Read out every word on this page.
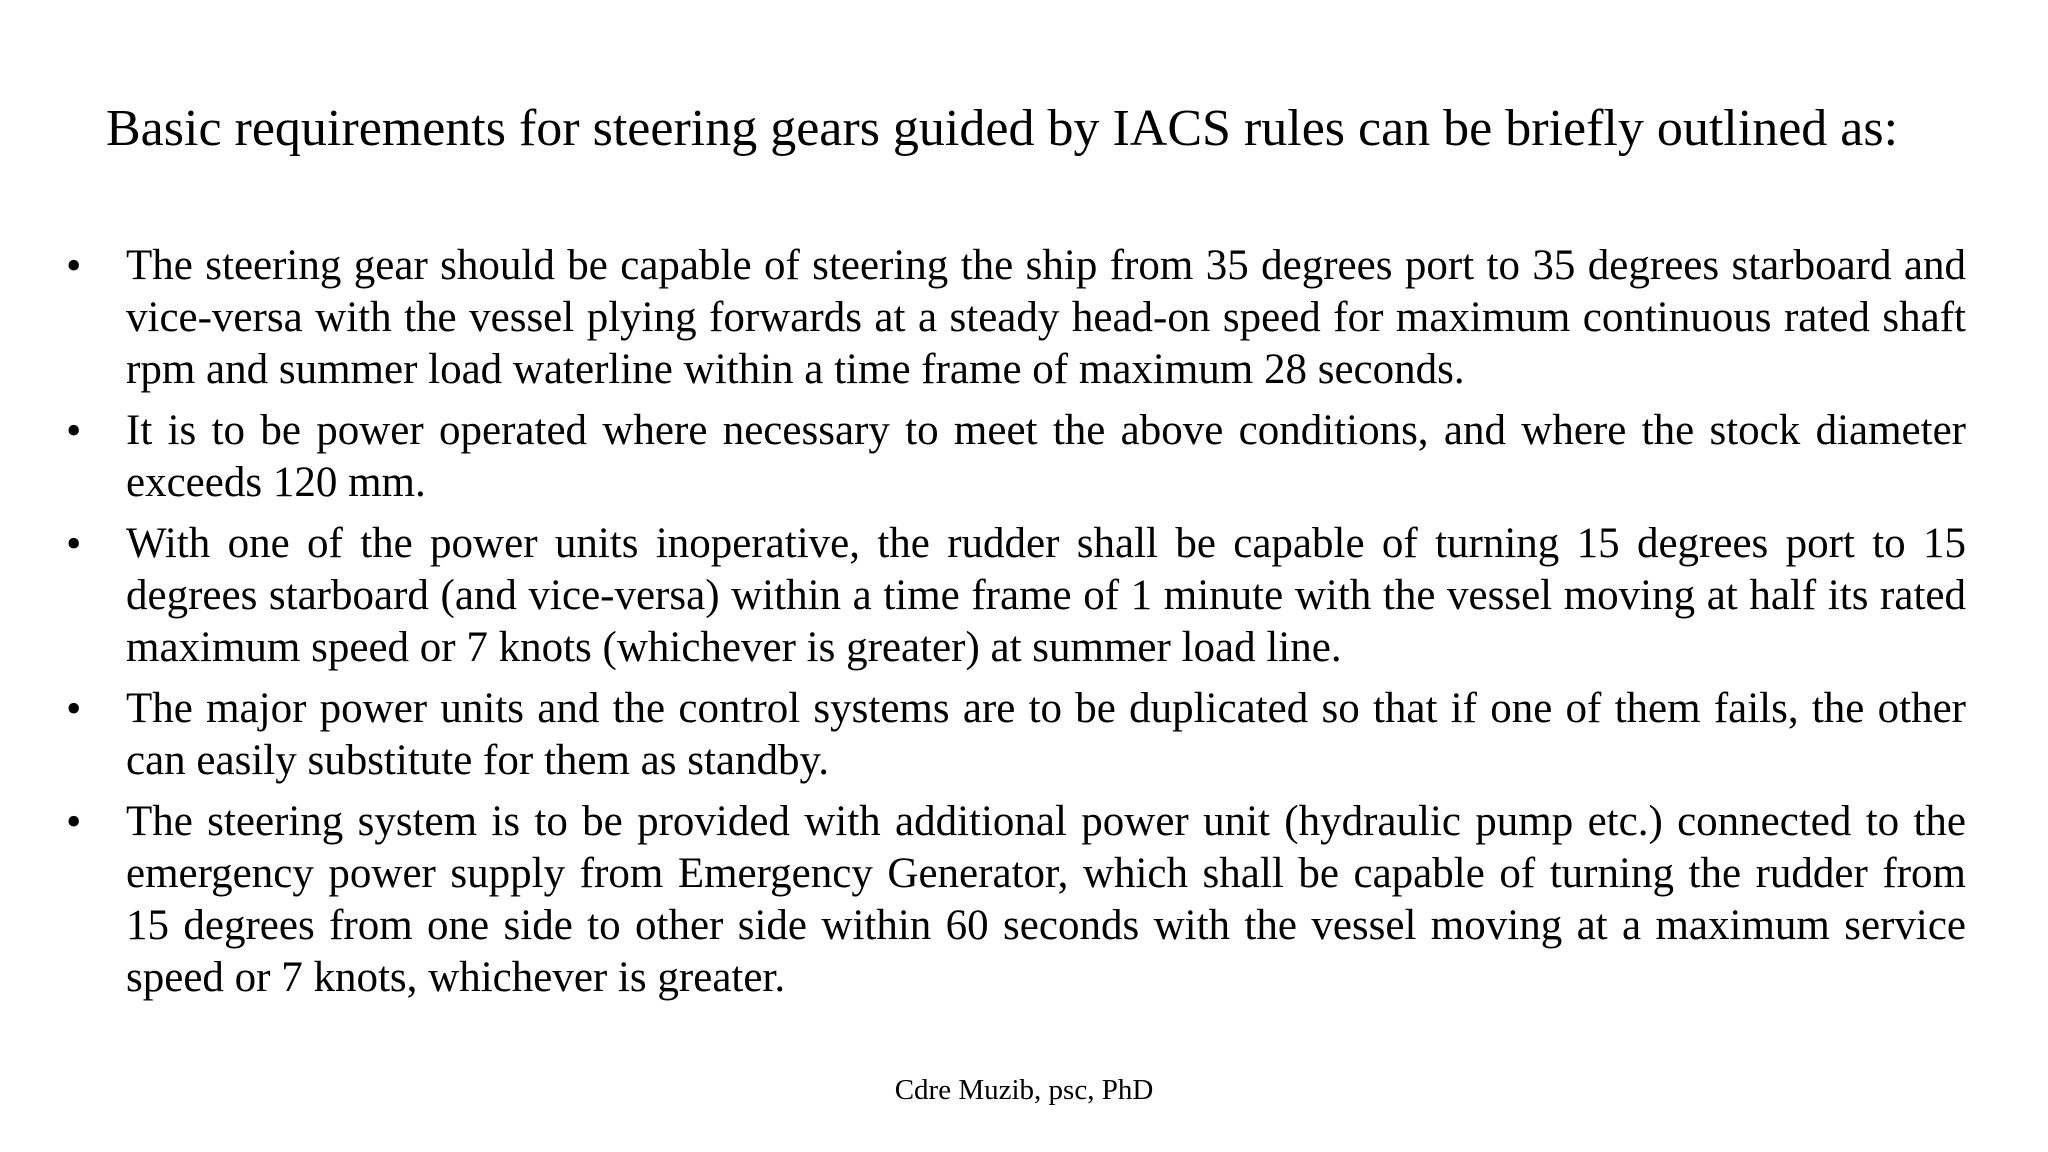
Basic requirements for steering gears guided by IACS rules can be briefly outlined as:
•	The steering gear should be capable of steering the ship from 35 degrees port to 35 degrees starboard and vice-versa with the vessel plying forwards at a steady head-on speed for maximum continuous rated shaft rpm and summer load waterline within a time frame of maximum 28 seconds.
•	It is to be power operated where necessary to meet the above conditions, and where the stock diameter exceeds 120 mm.
•	With one of the power units inoperative, the rudder shall be capable of turning 15 degrees port to 15 degrees starboard (and vice-versa) within a time frame of 1 minute with the vessel moving at half its rated maximum speed or 7 knots (whichever is greater) at summer load line.
•	The major power units and the control systems are to be duplicated so that if one of them fails, the other can easily substitute for them as standby.
•	The steering system is to be provided with additional power unit (hydraulic pump etc.) connected to the emergency power supply from Emergency Generator, which shall be capable of turning the rudder from 15 degrees from one side to other side within 60 seconds with the vessel moving at a maximum service speed or 7 knots, whichever is greater.
Cdre Muzib, psc, PhD
